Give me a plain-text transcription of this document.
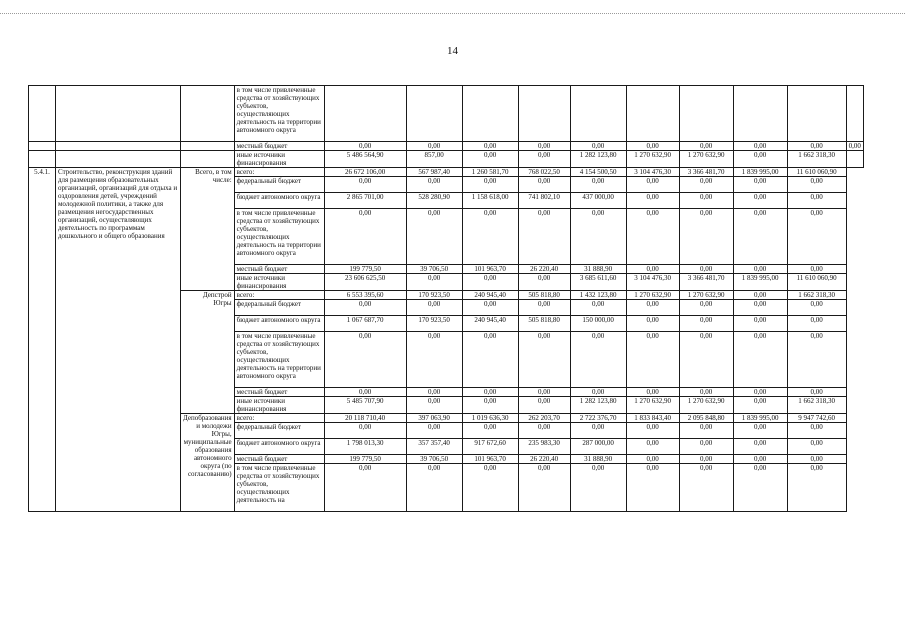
14
			в том числе привлеченные средства от хозяйствующих субъектов, осуществляющих деятельность на территории автономного округа										
			местный бюджет	0,00	0,00	0,00	0,00	0,00	0,00	0,00	0,00	0,00	0,00
			иные источники финансирования	5 486 564,90	857,00	0,00	0,00	1 282 123,80	1 270 632,90	1 270 632,90	0,00	1 662 318,30	
5.4.1.	Строительство, реконструкция зданий для размещения образовательных организаций, организаций для отдыха и оздоровления детей, учреждений молодежной политики, а также для размещения негосударственных организаций, осуществляющих деятельность по программам дошкольного и общего образования	Всего, в том числе:	всего:	26 672 106,00	567 987,40	1 260 581,70	768 022,50	4 154 500,50	3 104 476,30	3 366 481,70	1 839 995,00	11 610 060,90	
			федеральный бюджет	0,00	0,00	0,00	0,00	0,00	0,00	0,00	0,00	0,00	
			бюджет автономного округа	2 865 701,00	528 280,90	1 158 618,00	741 802,10	437 000,00	0,00	0,00	0,00	0,00	
			в том числе привлеченные средства от хозяйствующих субъектов, осуществляющих деятельность на территории автономного округа	0,00	0,00	0,00	0,00	0,00	0,00	0,00	0,00	0,00	
			местный бюджет	199 779,50	39 706,50	101 963,70	26 220,40	31 888,90	0,00	0,00	0,00	0,00	
			иные источники финансирования	23 606 625,50	0,00	0,00	0,00	3 685 611,60	3 104 476,30	3 366 481,70	1 839 995,00	11 610 060,90	
		Депстрой Югры	всего:	6 553 395,60	170 923,50	240 945,40	505 818,80	1 432 123,80	1 270 632,90	1 270 632,90	0,00	1 662 318,30	
			федеральный бюджет	0,00	0,00	0,00	0,00	0,00	0,00	0,00	0,00	0,00	
			бюджет автономного округа	1 067 687,70	170 923,50	240 945,40	505 818,80	150 000,00	0,00	0,00	0,00	0,00	
			в том числе привлеченные средства от хозяйствующих субъектов, осуществляющих деятельность на территории автономного округа	0,00	0,00	0,00	0,00	0,00	0,00	0,00	0,00	0,00	
			местный бюджет	0,00	0,00	0,00	0,00	0,00	0,00	0,00	0,00	0,00	
			иные источники финансирования	5 485 707,90	0,00	0,00	0,00	1 282 123,80	1 270 632,90	1 270 632,90	0,00	1 662 318,30	
		Депобразования и молодежи Югры, муниципальные образования автономного округа (по согласованию)	всего:	20 118 710,40	397 063,90	1 019 636,30	262 203,70	2 722 376,70	1 833 843,40	2 095 848,80	1 839 995,00	9 947 742,60	
			федеральный бюджет	0,00	0,00	0,00	0,00	0,00	0,00	0,00	0,00	0,00	
			бюджет автономного округа	1 798 013,30	357 357,40	917 672,60	235 983,30	287 000,00	0,00	0,00	0,00	0,00	
			местный бюджет	199 779,50	39 706,50	101 963,70	26 220,40	31 888,90	0,00	0,00	0,00	0,00	
			в том числе привлеченные средства от хозяйствующих субъектов, осуществляющих деятельность на	0,00	0,00	0,00	0,00	0,00	0,00	0,00	0,00	0,00	
